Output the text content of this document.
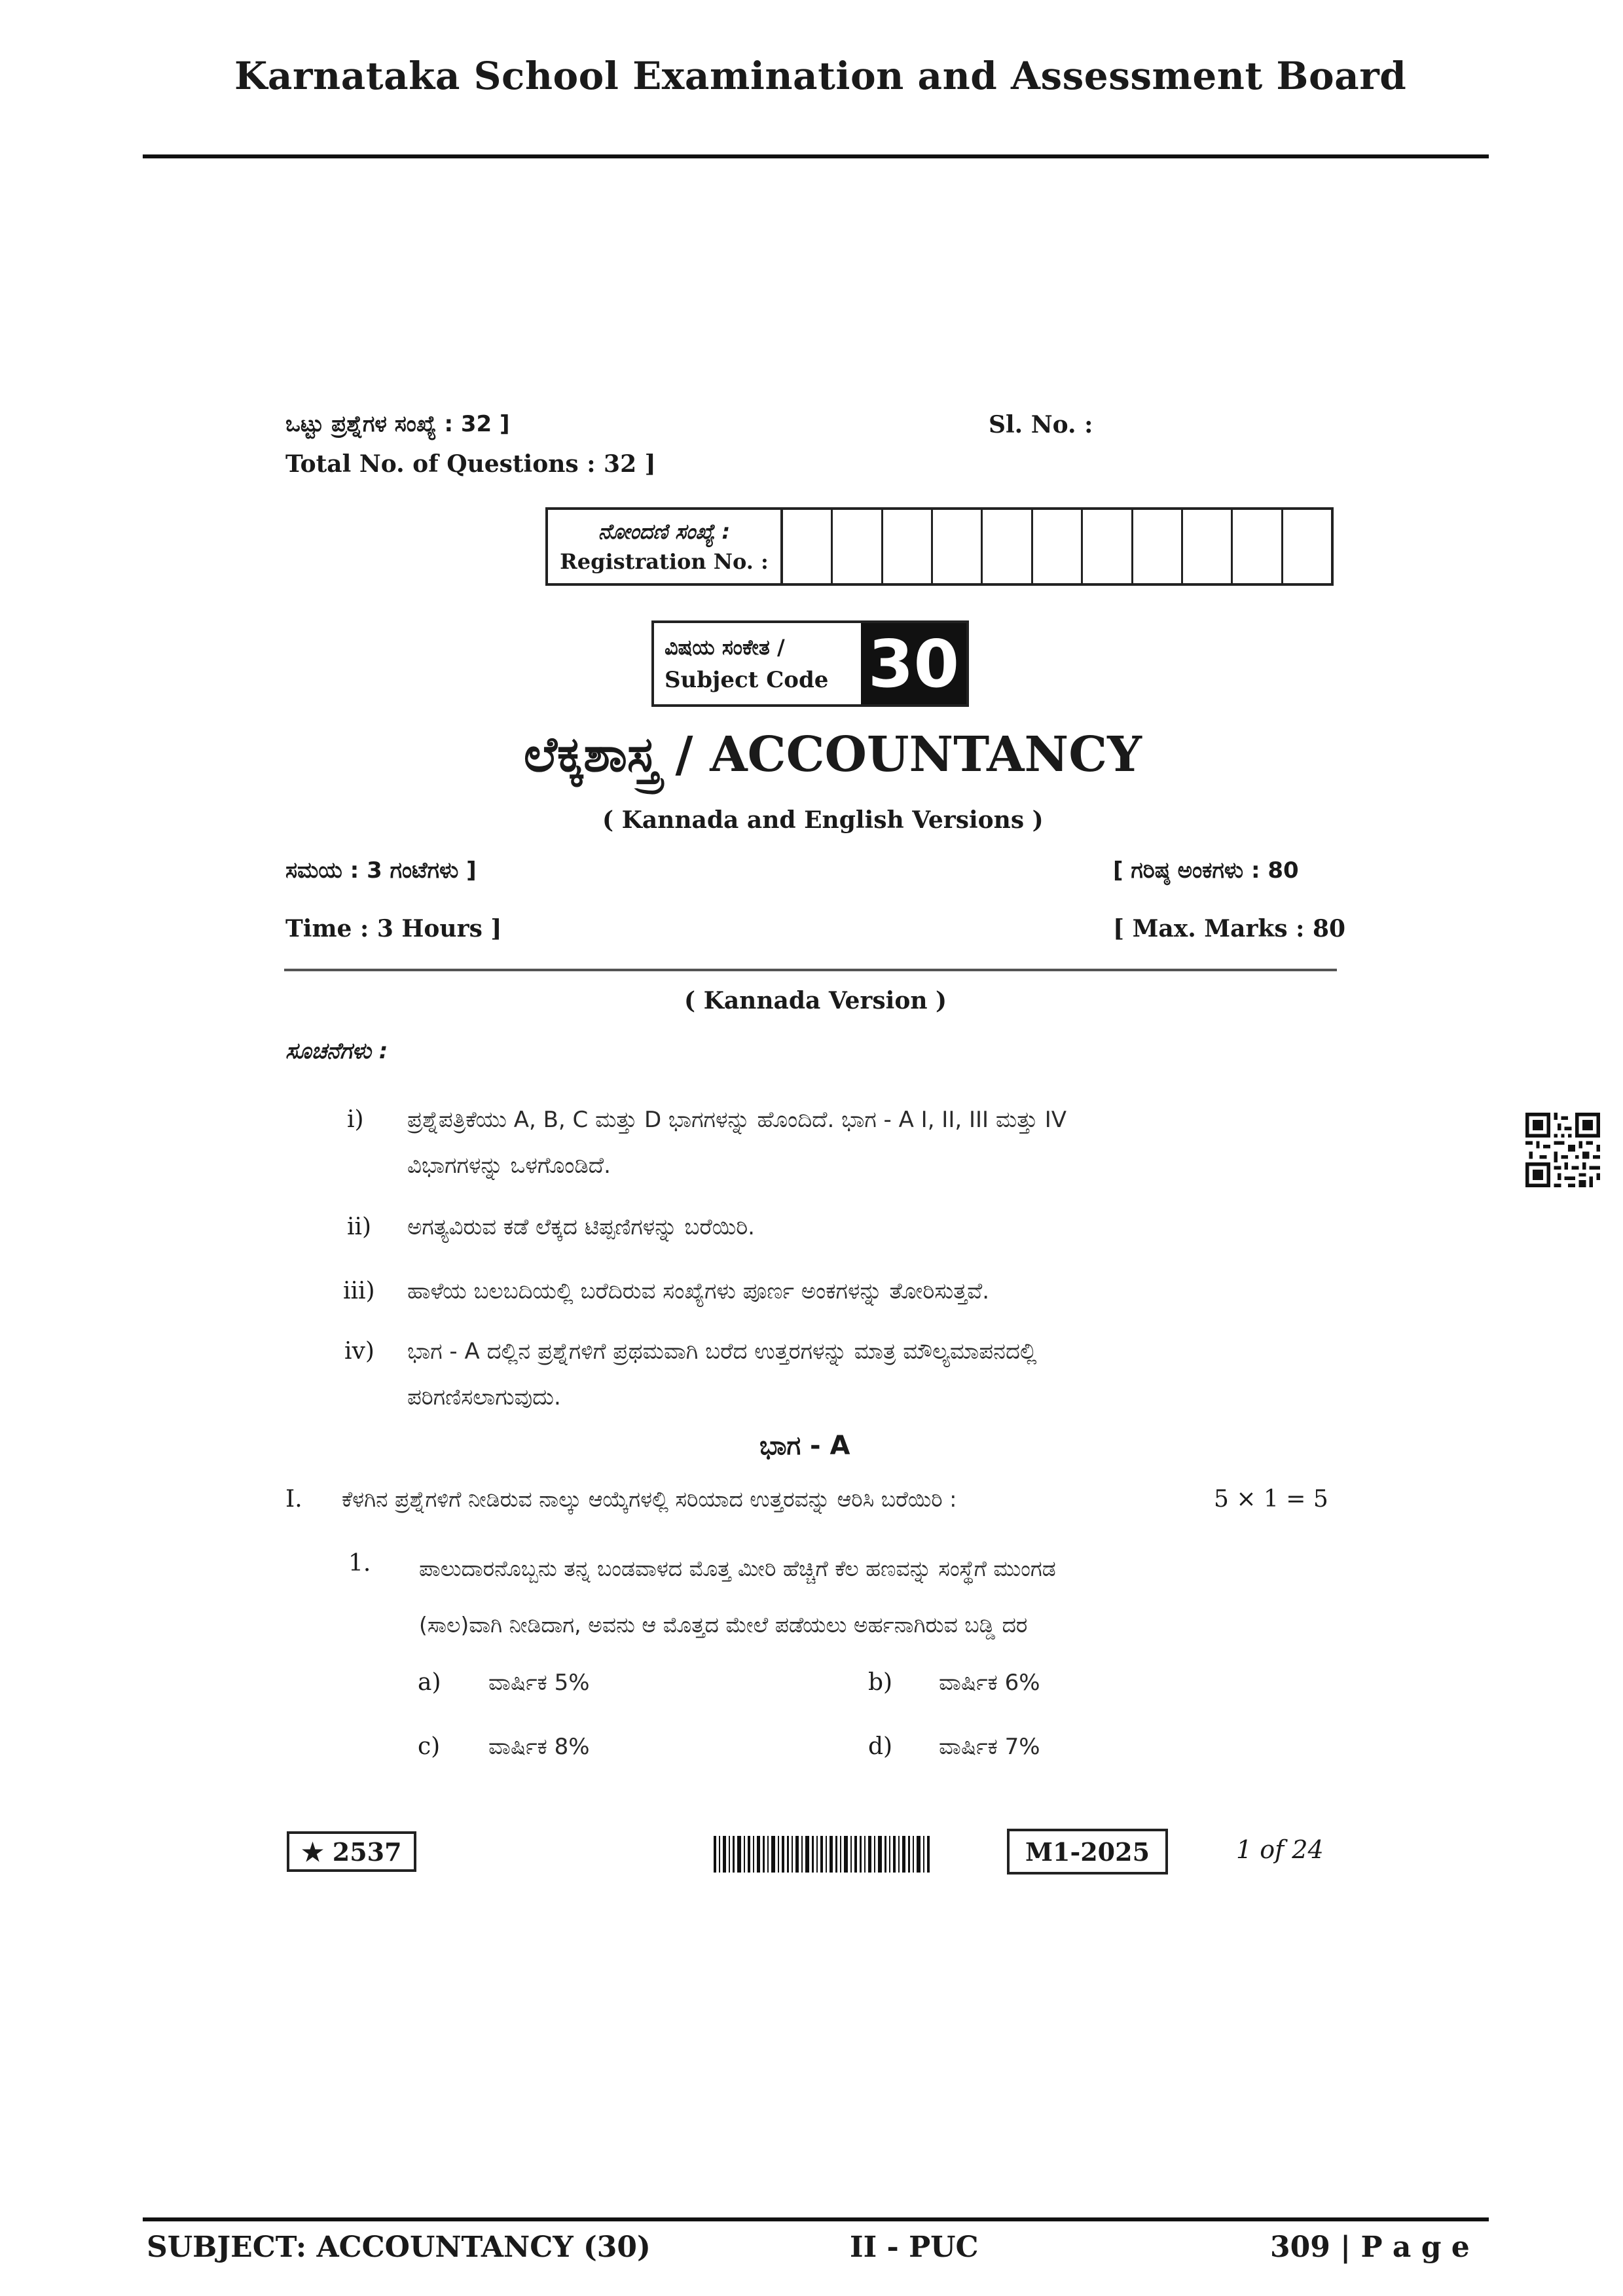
Karnataka School Examination and Assessment Board
ಒಟ್ಟು ಪ್ರಶ್ನೆಗಳ ಸಂಖ್ಯೆ : 32 ]
Total No. of Questions : 32 ]
Sl. No. :
ನೋಂದಣಿ ಸಂಖ್ಯೆ :
Registration No. :
ವಿಷಯ ಸಂಕೇತ /
Subject Code 30
ಲೆಕ್ಕಶಾಸ್ತ್ರ / ACCOUNTANCY
( Kannada and English Versions )
ಸಮಯ : 3 ಗಂಟೆಗಳು ]	[ ಗರಿಷ್ಠ ಅಂಕಗಳು : 80
Time : 3 Hours ]	[ Max. Marks : 80
( Kannada Version )
ಸೂಚನೆಗಳು :
i) ಪ್ರಶ್ನೆಪತ್ರಿಕೆಯು A, B, C ಮತ್ತು D ಭಾಗಗಳನ್ನು ಹೊಂದಿದೆ. ಭಾಗ - A I, II, III ಮತ್ತು IV
ವಿಭಾಗಗಳನ್ನು ಒಳಗೊಂಡಿದೆ.
ii) ಅಗತ್ಯವಿರುವ ಕಡೆ ಲೆಕ್ಕದ ಟಿಪ್ಪಣಿಗಳನ್ನು ಬರೆಯಿರಿ.
iii) ಹಾಳೆಯ ಬಲಬದಿಯಲ್ಲಿ ಬರೆದಿರುವ ಸಂಖ್ಯೆಗಳು ಪೂರ್ಣ ಅಂಕಗಳನ್ನು ತೋರಿಸುತ್ತವೆ.
iv) ಭಾಗ - A ದಲ್ಲಿನ ಪ್ರಶ್ನೆಗಳಿಗೆ ಪ್ರಥಮವಾಗಿ ಬರೆದ ಉತ್ತರಗಳನ್ನು ಮಾತ್ರ ಮೌಲ್ಯಮಾಪನದಲ್ಲಿ
ಪರಿಗಣಿಸಲಾಗುವುದು.
ಭಾಗ - A
I. ಕೆಳಗಿನ ಪ್ರಶ್ನೆಗಳಿಗೆ ನೀಡಿರುವ ನಾಲ್ಕು ಆಯ್ಕೆಗಳಲ್ಲಿ ಸರಿಯಾದ ಉತ್ತರವನ್ನು ಆರಿಸಿ ಬರೆಯಿರಿ :	5 × 1 = 5
1. ಪಾಲುದಾರನೊಬ್ಬನು ತನ್ನ ಬಂಡವಾಳದ ಮೊತ್ತ ಮೀರಿ ಹೆಚ್ಚಿಗೆ ಕೆಲ ಹಣವನ್ನು ಸಂಸ್ಥೆಗೆ ಮುಂಗಡ
(ಸಾಲ)ವಾಗಿ ನೀಡಿದಾಗ, ಅವನು ಆ ಮೊತ್ತದ ಮೇಲೆ ಪಡೆಯಲು ಅರ್ಹನಾಗಿರುವ ಬಡ್ಡಿ ದರ
a) ವಾರ್ಷಿಕ 5%	b) ವಾರ್ಷಿಕ 6%
c) ವಾರ್ಷಿಕ 8%	d) ವಾರ್ಷಿಕ 7%
★ 2537	M1-2025	1 of 24
SUBJECT: ACCOUNTANCY (30)	II - PUC	309 | P a g e
